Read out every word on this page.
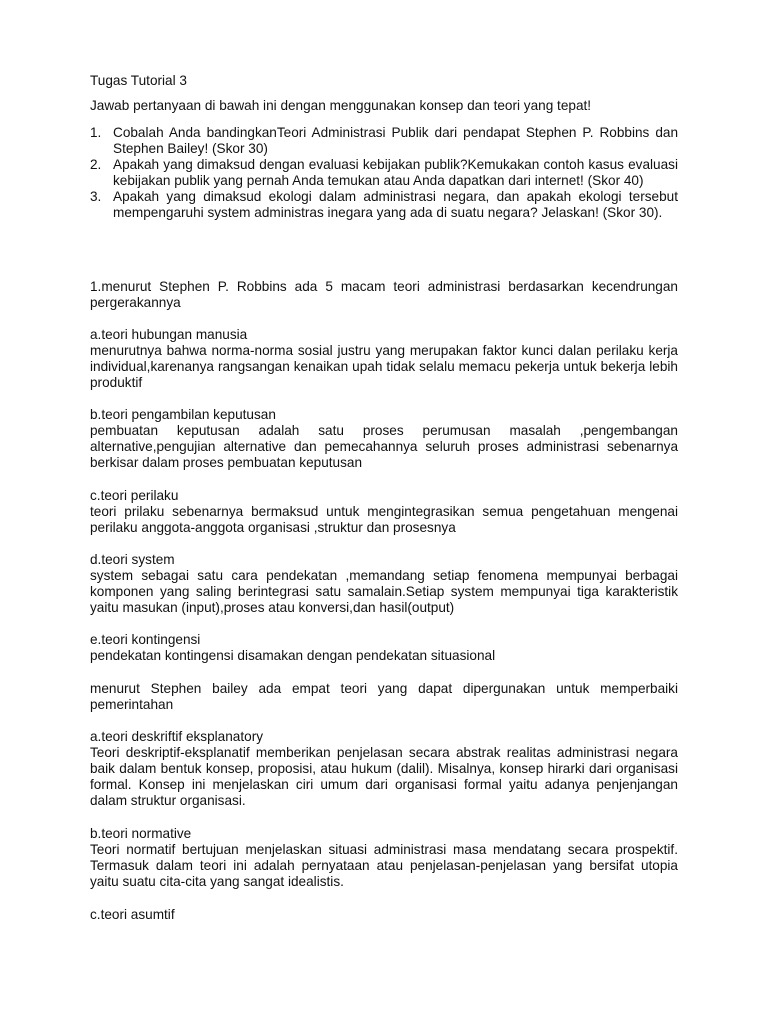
Tugas Tutorial 3
Jawab pertanyaan di bawah ini dengan menggunakan konsep dan teori yang tepat!
1. Cobalah Anda bandingkanTeori Administrasi Publik dari pendapat Stephen P. Robbins dan Stephen Bailey! (Skor 30)
2. Apakah yang dimaksud dengan evaluasi kebijakan publik?Kemukakan contoh kasus evaluasi kebijakan publik yang pernah Anda temukan atau Anda dapatkan dari internet! (Skor 40)
3. Apakah yang dimaksud ekologi dalam administrasi negara, dan apakah ekologi tersebut mempengaruhi system administras inegara yang ada di suatu negara? Jelaskan! (Skor 30).
1.menurut Stephen P. Robbins ada 5 macam teori administrasi berdasarkan kecendrungan pergerakannya
a.teori hubungan manusia
menurutnya bahwa norma-norma sosial justru yang merupakan faktor kunci dalan perilaku kerja individual,karenanya rangsangan kenaikan upah tidak selalu memacu pekerja untuk bekerja lebih produktif
b.teori pengambilan keputusan
pembuatan keputusan adalah satu proses perumusan masalah ,pengembangan alternative,pengujian alternative dan pemecahannya seluruh proses administrasi sebenarnya berkisar dalam proses pembuatan keputusan
c.teori perilaku
teori prilaku sebenarnya bermaksud untuk mengintegrasikan semua pengetahuan mengenai perilaku anggota-anggota organisasi ,struktur dan prosesnya
d.teori system
system sebagai satu cara pendekatan ,memandang setiap fenomena mempunyai berbagai komponen yang saling berintegrasi satu samalain.Setiap system mempunyai tiga karakteristik yaitu masukan (input),proses atau konversi,dan hasil(output)
e.teori kontingensi
pendekatan kontingensi disamakan dengan pendekatan situasional
menurut Stephen bailey ada empat teori yang dapat dipergunakan untuk memperbaiki pemerintahan
a.teori deskriftif eksplanatory
Teori deskriptif-eksplanatif memberikan penjelasan secara abstrak realitas administrasi negara baik dalam bentuk konsep, proposisi, atau hukum (dalil). Misalnya, konsep hirarki dari organisasi formal. Konsep ini menjelaskan ciri umum dari organisasi formal yaitu adanya penjenjangan dalam struktur organisasi.
b.teori normative
Teori normatif bertujuan menjelaskan situasi administrasi masa mendatang secara prospektif. Termasuk dalam teori ini adalah pernyataan atau penjelasan-penjelasan yang bersifat utopia yaitu suatu cita-cita yang sangat idealistis.
c.teori asumtif
